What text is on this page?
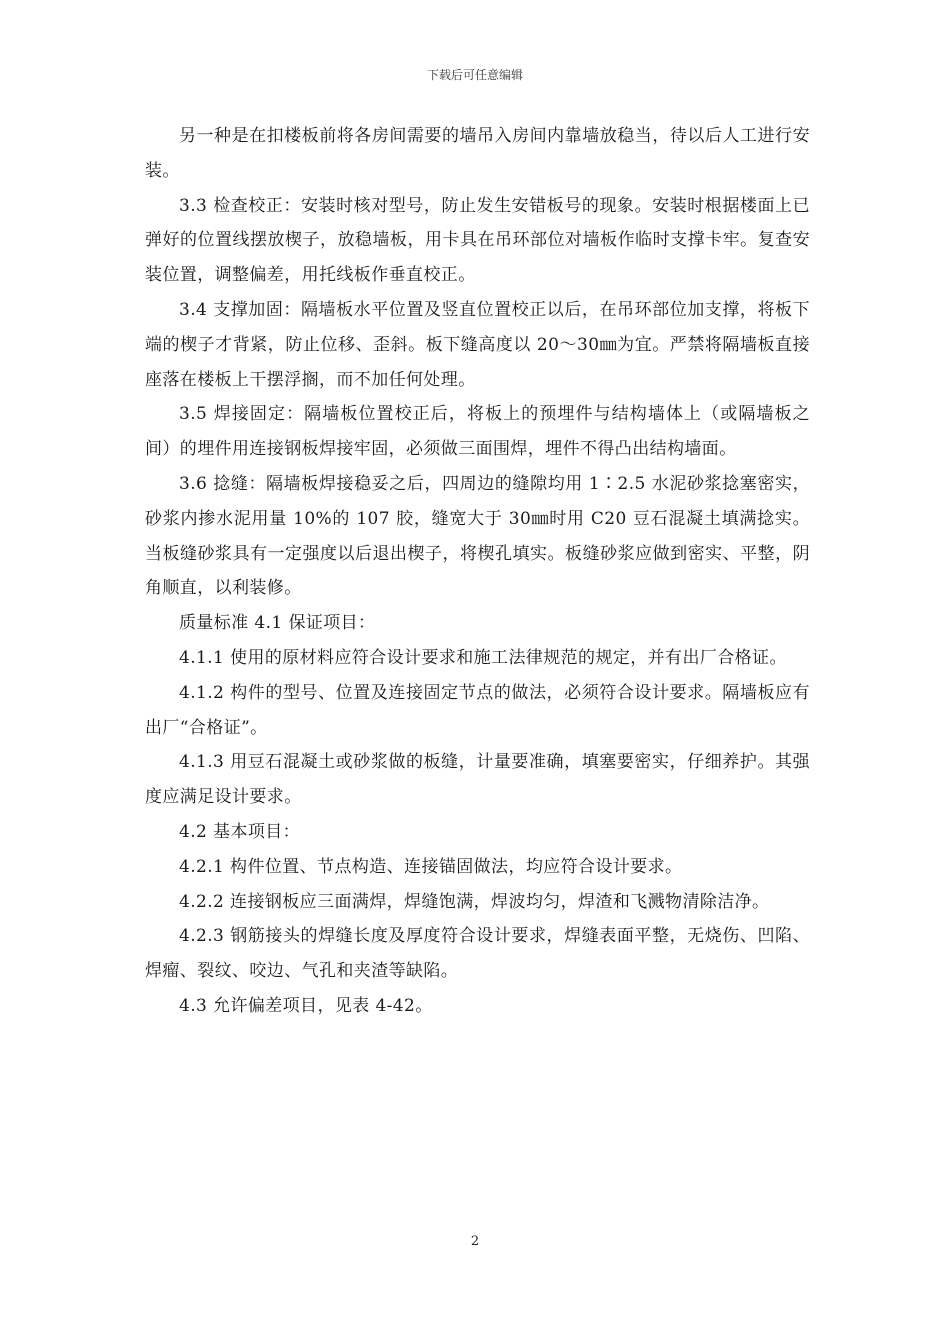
下载后可任意编辑

另一种是在扣楼板前将各房间需要的墙吊入房间内靠墙放稳当，待以后人工进行安装。

3.3 检查校正：安装时核对型号，防止发生安错板号的现象。安装时根据楼面上已弹好的位置线摆放楔子，放稳墙板，用卡具在吊环部位对墙板作临时支撑卡牢。复查安装位置，调整偏差，用托线板作垂直校正。

3.4 支撑加固：隔墙板水平位置及竖直位置校正以后，在吊环部位加支撑，将板下端的楔子才背紧，防止位移、歪斜。板下缝高度以 20～30㎜为宜。严禁将隔墙板直接座落在楼板上干摆浮搁，而不加任何处理。

3.5 焊接固定：隔墙板位置校正后，将板上的预埋件与结构墙体上（或隔墙板之间）的埋件用连接钢板焊接牢固，必须做三面围焊，埋件不得凸出结构墙面。

3.6 捻缝：隔墙板焊接稳妥之后，四周边的缝隙均用 1∶2.5 水泥砂浆捻塞密实，砂浆内掺水泥用量 10%的 107 胶，缝宽大于 30㎜时用 C20 豆石混凝土填满捻实。当板缝砂浆具有一定强度以后退出楔子，将楔孔填实。板缝砂浆应做到密实、平整，阴角顺直，以利装修。

质量标准 4.1 保证项目：

4.1.1 使用的原材料应符合设计要求和施工法律规范的规定，并有出厂合格证。

4.1.2 构件的型号、位置及连接固定节点的做法，必须符合设计要求。隔墙板应有出厂“合格证”。

4.1.3 用豆石混凝土或砂浆做的板缝，计量要准确，填塞要密实，仔细养护。其强度应满足设计要求。

4.2 基本项目：

4.2.1 构件位置、节点构造、连接锚固做法，均应符合设计要求。

4.2.2 连接钢板应三面满焊，焊缝饱满，焊波均匀，焊渣和飞溅物清除洁净。

4.2.3 钢筋接头的焊缝长度及厚度符合设计要求，焊缝表面平整，无烧伤、凹陷、焊瘤、裂纹、咬边、气孔和夹渣等缺陷。

4.3 允许偏差项目，见表 4-42。

2
